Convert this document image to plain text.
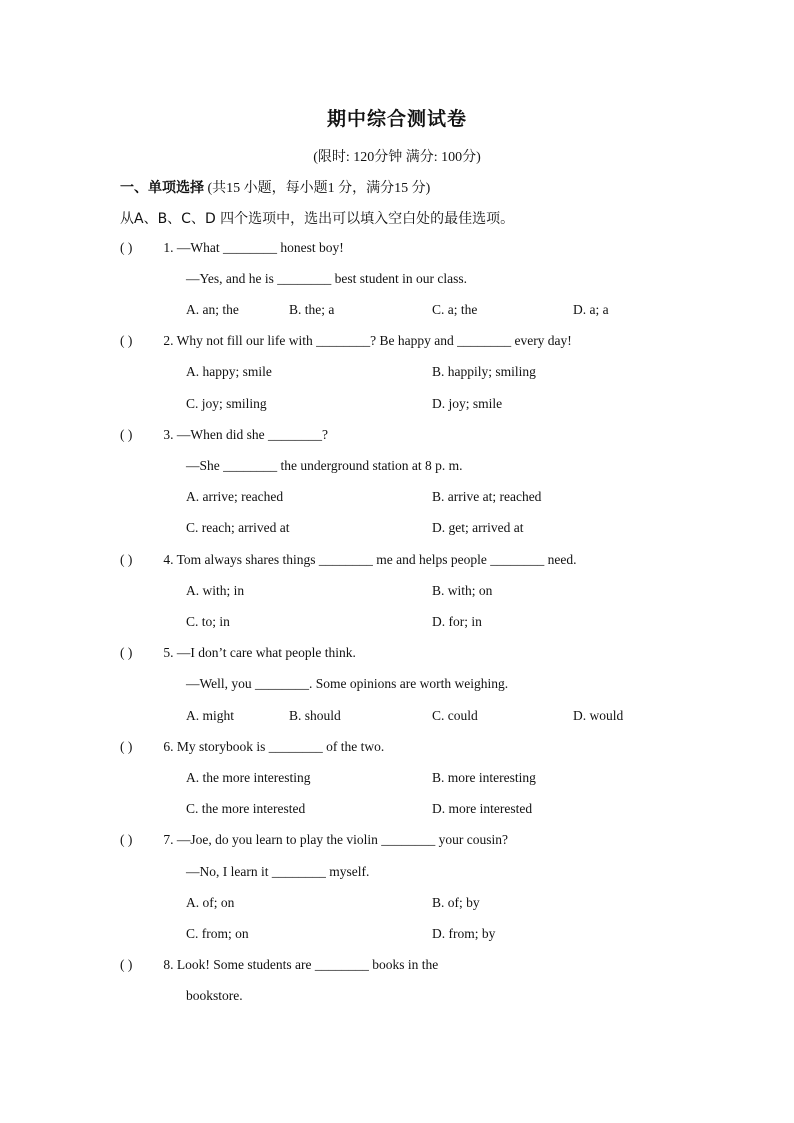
期中综合测试卷
(限时: 120分钟 满分: 100分)
一、单项选择 (共15 小题，每小题1 分，满分15 分)
从A、B、C、D 四个选项中，选出可以填入空白处的最佳选项。
( ) 1. —What ________ honest boy!
—Yes, and he is ________ best student in our class.
A. an; the	B. the; a	C. a; the	D. a; a
( ) 2. Why not fill our life with ________? Be happy and ________ every day!
A. happy; smile	B. happily; smiling
C. joy; smiling	D. joy; smile
( ) 3. —When did she ________?
—She ________ the underground station at 8 p. m.
A. arrive; reached	B. arrive at; reached
C. reach; arrived at	D. get; arrived at
( ) 4. Tom always shares things ________ me and helps people ________ need.
A. with; in	B. with; on
C. to; in	D. for; in
( ) 5. —I don’t care what people think.
—Well, you ________. Some opinions are worth weighing.
A. might	B. should	C. could	D. would
( ) 6. My storybook is ________ of the two.
A. the more interesting	B. more interesting
C. the more interested	D. more interested
( ) 7. —Joe, do you learn to play the violin ________ your cousin?
—No, I learn it ________ myself.
A. of; on	B. of; by
C. from; on	D. from; by
( ) 8. Look! Some students are ________ books in the
bookstore.
